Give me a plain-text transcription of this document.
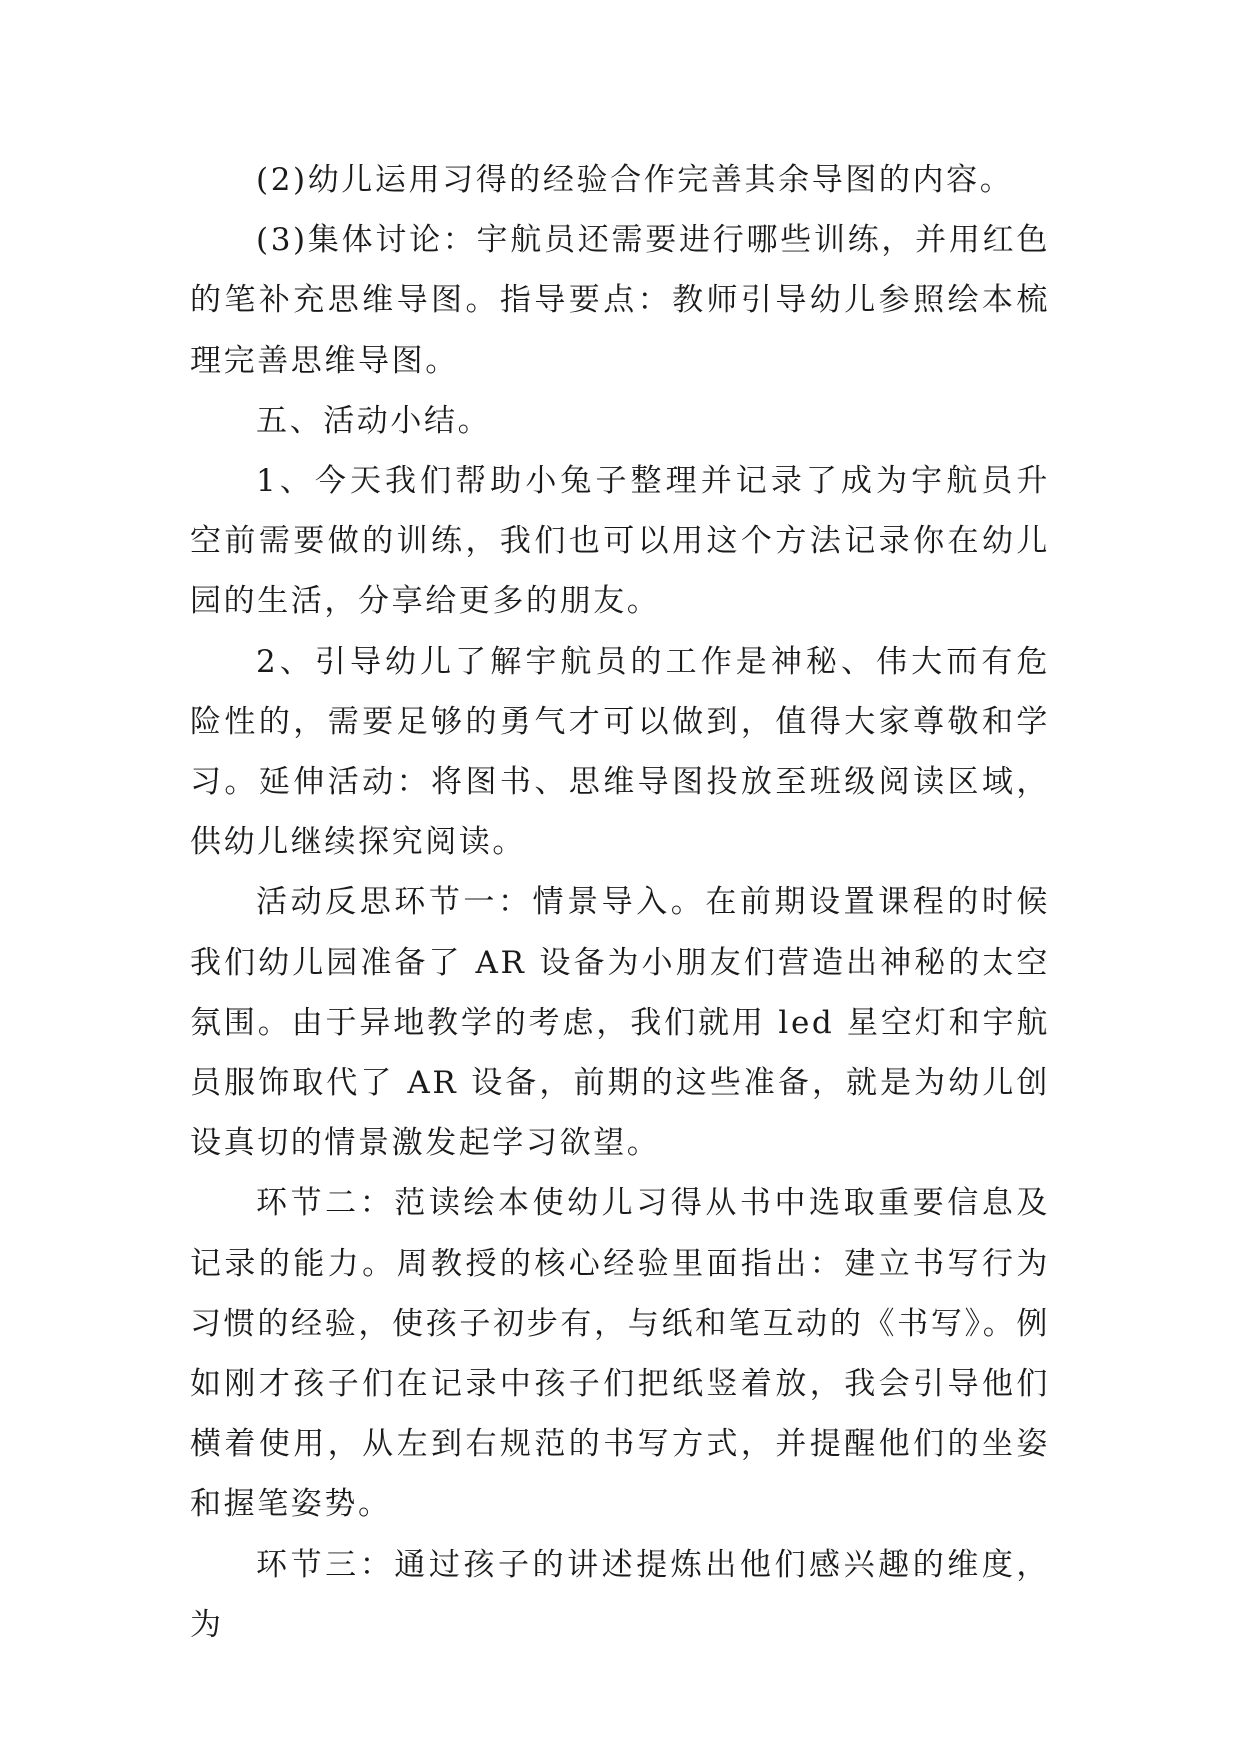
(2)幼儿运用习得的经验合作完善其余导图的内容。

(3)集体讨论：宇航员还需要进行哪些训练，并用红色的笔补充思维导图。指导要点：教师引导幼儿参照绘本梳理完善思维导图。

五、活动小结。

1、今天我们帮助小兔子整理并记录了成为宇航员升空前需要做的训练，我们也可以用这个方法记录你在幼儿园的生活，分享给更多的朋友。

2、引导幼儿了解宇航员的工作是神秘、伟大而有危险性的，需要足够的勇气才可以做到，值得大家尊敬和学习。延伸活动：将图书、思维导图投放至班级阅读区域，供幼儿继续探究阅读。

活动反思环节一：情景导入。在前期设置课程的时候我们幼儿园准备了 AR 设备为小朋友们营造出神秘的太空氛围。由于异地教学的考虑，我们就用 led 星空灯和宇航员服饰取代了 AR 设备，前期的这些准备，就是为幼儿创设真切的情景激发起学习欲望。

环节二：范读绘本使幼儿习得从书中选取重要信息及记录的能力。周教授的核心经验里面指出：建立书写行为习惯的经验，使孩子初步有，与纸和笔互动的《书写》。例如刚才孩子们在记录中孩子们把纸竖着放，我会引导他们横着使用，从左到右规范的书写方式，并提醒他们的坐姿和握笔姿势。

环节三：通过孩子的讲述提炼出他们感兴趣的维度，为
